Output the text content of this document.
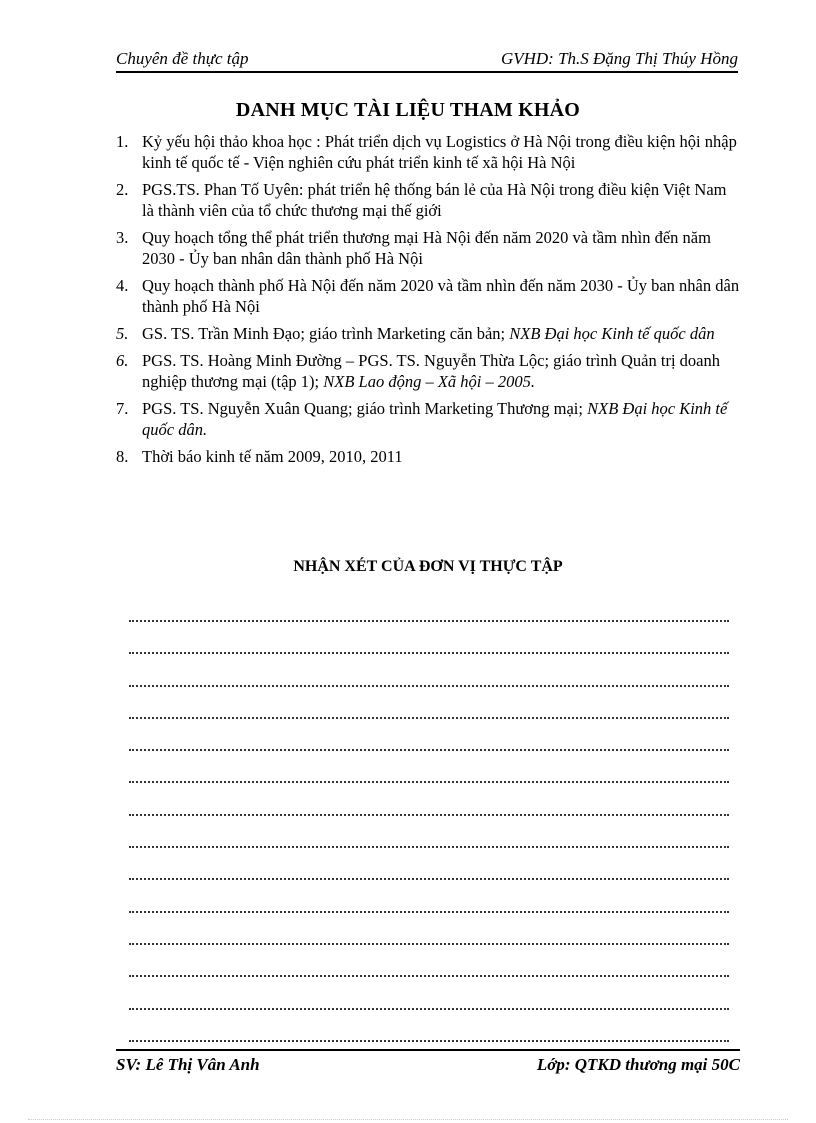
Chuyên đề thực tập	GVHD: Th.S Đặng Thị Thúy Hồng
DANH MỤC TÀI LIỆU THAM KHẢO
1. Kỷ yếu hội thảo khoa học : Phát triển dịch vụ Logistics ở Hà Nội trong điều kiện hội nhập kinh tế quốc tế - Viện nghiên cứu phát triển kinh tế xã hội Hà Nội
2. PGS.TS. Phan Tố Uyên: phát triển hệ thống bán lẻ của Hà Nội trong điều kiện Việt Nam là thành viên của tổ chức thương mại thế giới
3. Quy hoạch tổng thể phát triển thương mại Hà Nội đến năm 2020 và tầm nhìn đến năm 2030 - Ủy ban nhân dân thành phố Hà Nội
4. Quy hoạch thành phố Hà Nội đến năm 2020 và tầm nhìn đến năm 2030 - Ủy ban nhân dân thành phố Hà Nội
5. GS. TS. Trần Minh Đạo; giáo trình Marketing căn bản; NXB Đại học Kinh tế quốc dân
6. PGS. TS. Hoàng Minh Đường – PGS. TS. Nguyễn Thừa Lộc; giáo trình Quản trị doanh nghiệp thương mại (tập 1); NXB Lao động – Xã hội – 2005.
7. PGS. TS. Nguyễn Xuân Quang; giáo trình Marketing Thương mại; NXB Đại học Kinh tế quốc dân.
8. Thời báo kinh tế năm 2009, 2010, 2011
NHẬN XÉT CỦA ĐƠN VỊ THỰC TẬP
SV: Lê Thị Vân Anh	Lớp: QTKD thương mại 50C
